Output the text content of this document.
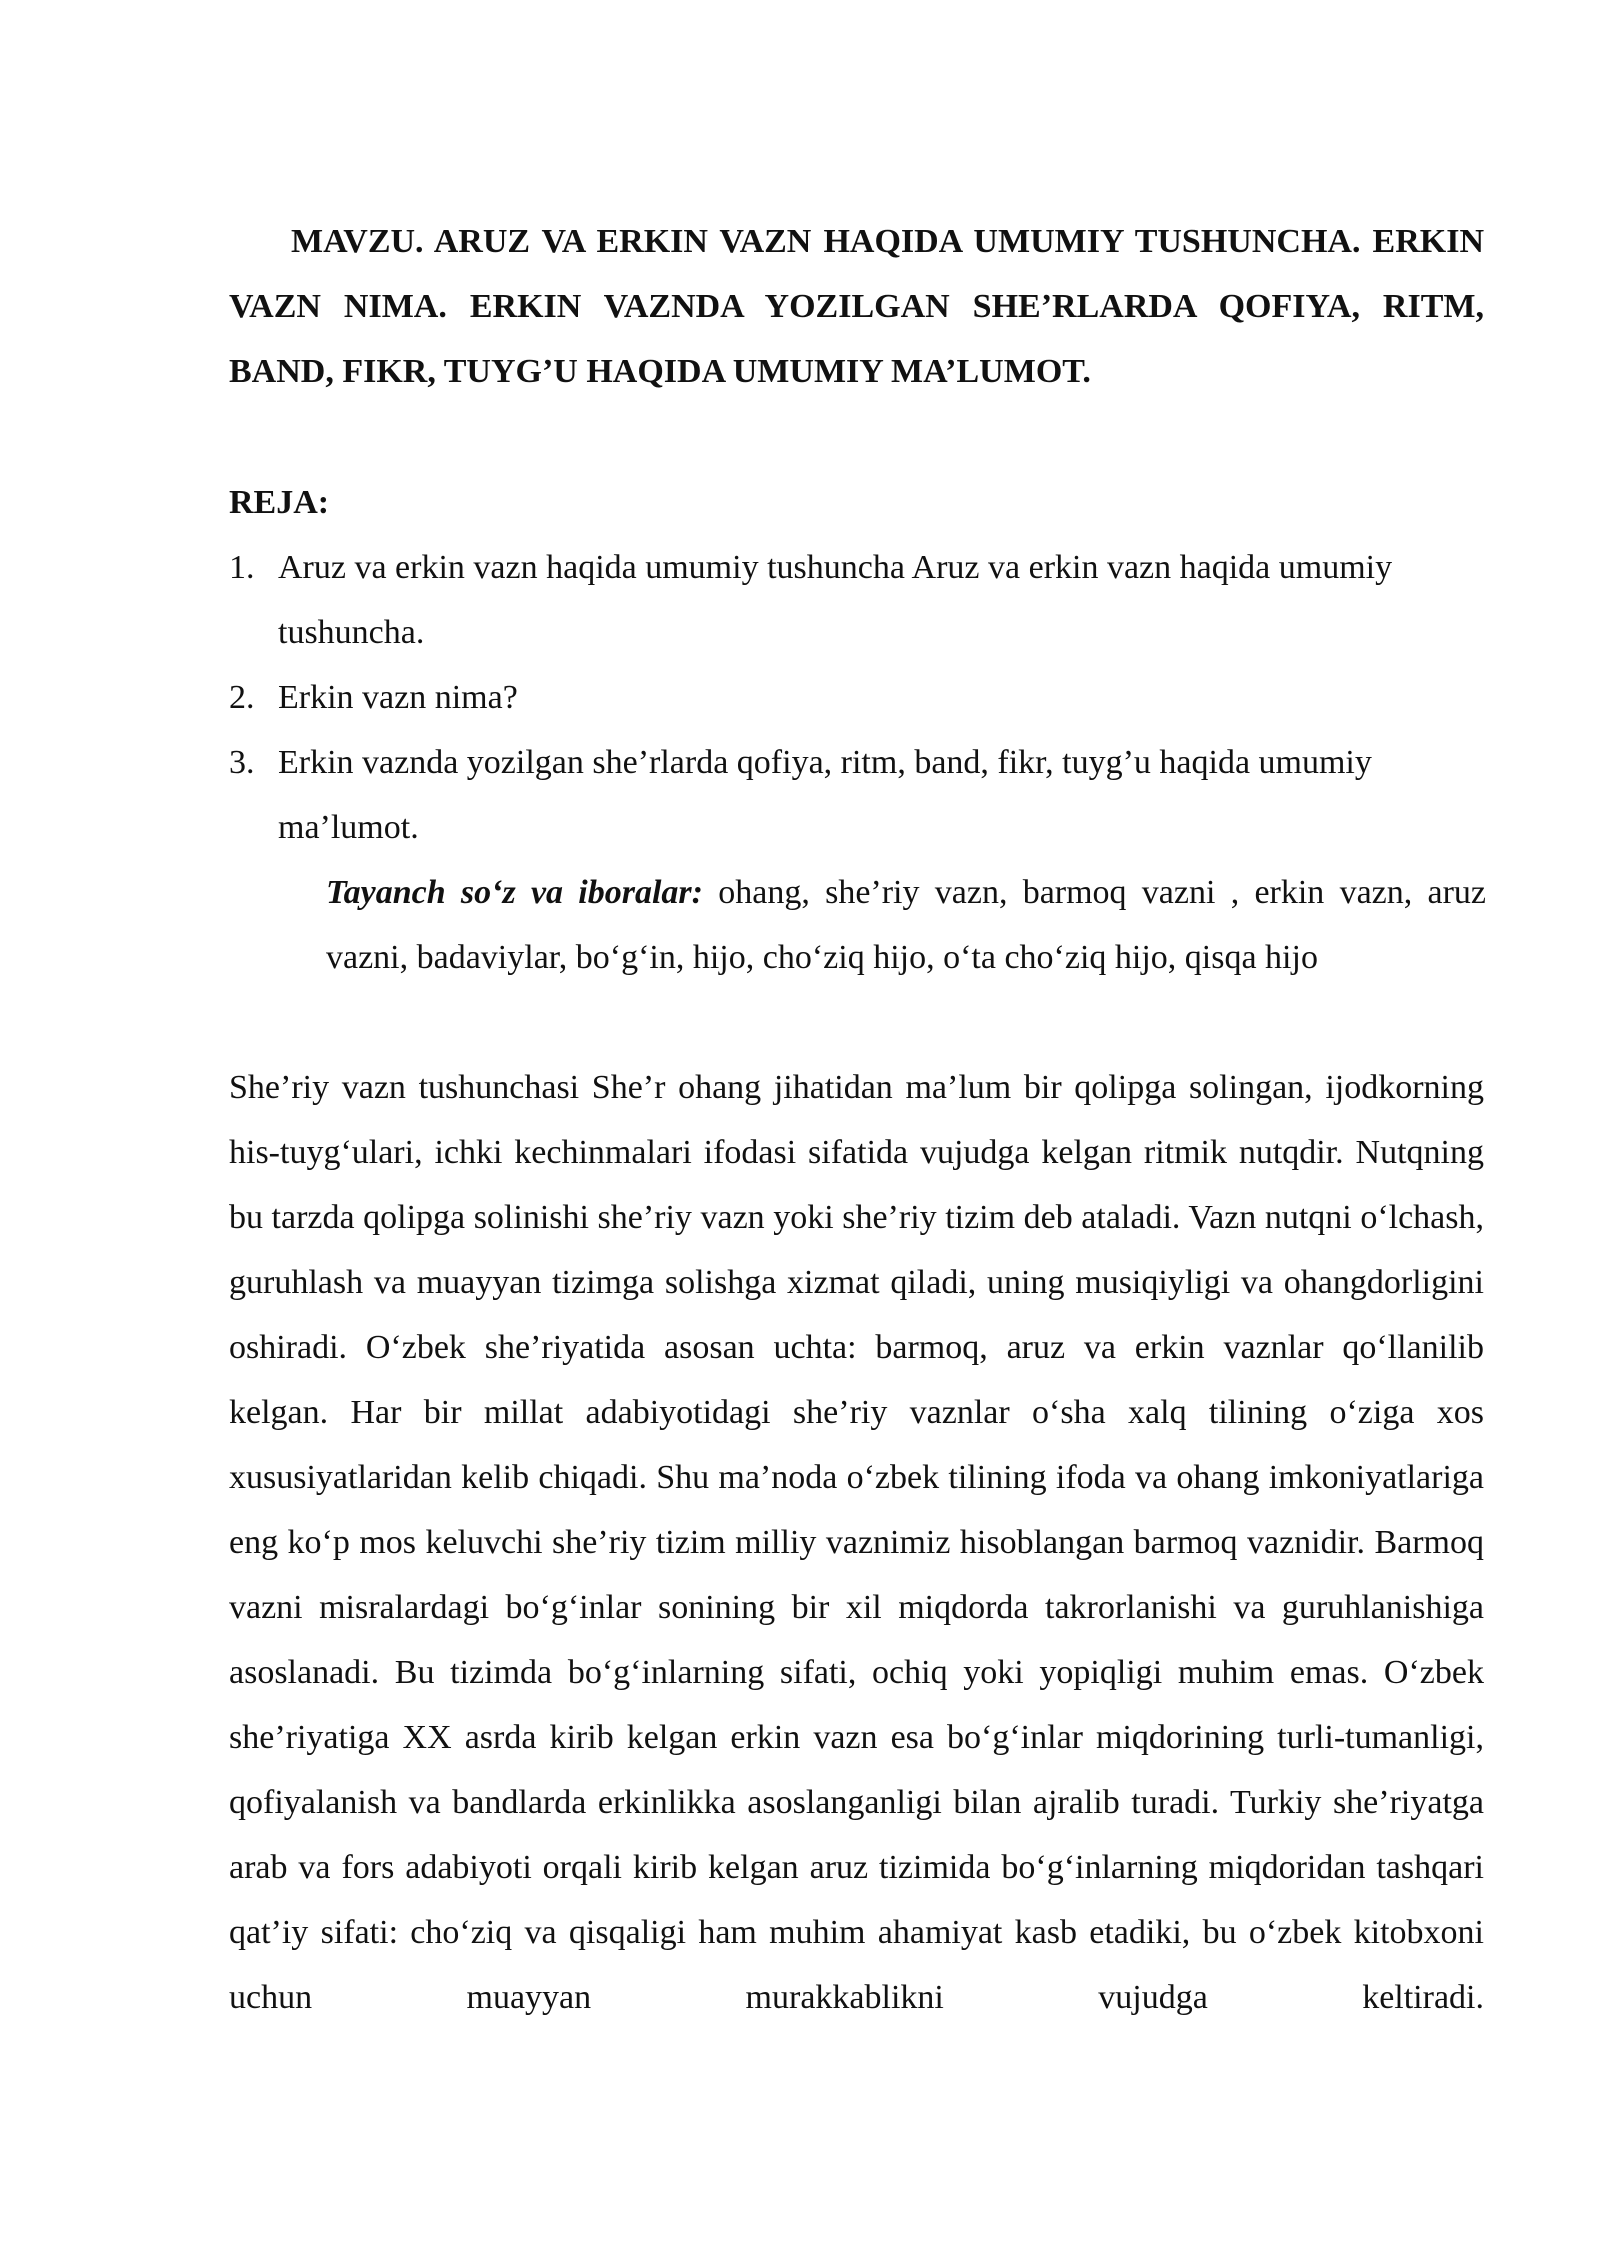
MAVZU. ARUZ VA ERKIN VAZN HAQIDA UMUMIY TUSHUNCHA. ERKIN VAZN NIMA. ERKIN VAZNDA YOZILGAN SHE’RLARDA QOFIYA, RITM, BAND, FIKR, TUYG’U HAQIDA UMUMIY MA’LUMOT.

REJA:

1. Aruz va erkin vazn haqida umumiy tushuncha Aruz va erkin vazn haqida umumiy tushuncha.
2. Erkin vazn nima?
3. Erkin vaznda yozilgan she’rlarda qofiya, ritm, band, fikr, tuyg’u haqida umumiy ma’lumot.

Tayanch so‘z va iboralar: ohang, she’riy vazn, barmoq vazni , erkin vazn, aruz vazni, badaviylar, bo‘g‘in, hijo, cho‘ziq hijo, o‘ta cho‘ziq hijo, qisqa hijo

She’riy vazn tushunchasi She’r ohang jihatidan ma’lum bir qolipga solingan, ijodkorning his-tuyg‘ulari, ichki kechinmalari ifodasi sifatida vujudga kelgan ritmik nutqdir. Nutqning bu tarzda qolipga solinishi she’riy vazn yoki she’riy tizim deb ataladi. Vazn nutqni o‘lchash, guruhlash va muayyan tizimga solishga xizmat qiladi, uning musiqiyligi va ohangdorligini oshiradi. O‘zbek she’riyatida asosan uchta: barmoq, aruz va erkin vaznlar qo‘llanilib kelgan. Har bir millat adabiyotidagi she’riy vaznlar o‘sha xalq tilining o‘ziga xos xususiyatlaridan kelib chiqadi. Shu ma’noda o‘zbek tilining ifoda va ohang imkoniyatlariga eng ko‘p mos keluvchi she’riy tizim milliy vaznimiz hisoblangan barmoq vaznidir. Barmoq vazni misralardagi bo‘g‘inlar sonining bir xil miqdorda takrorlanishi va guruhlanishiga asoslanadi. Bu tizimda bo‘g‘inlarning sifati, ochiq yoki yopiqligi muhim emas. O‘zbek she’riyatiga XX asrda kirib kelgan erkin vazn esa bo‘g‘inlar miqdorining turli-tumanligi, qofiyalanish va bandlarda erkinlikka asoslanganligi bilan ajralib turadi. Turkiy she’riyatga arab va fors adabiyoti orqali kirib kelgan aruz tizimida bo‘g‘inlarning miqdoridan tashqari qat’iy sifati: cho‘ziq va qisqaligi ham muhim ahamiyat kasb etadiki, bu o‘zbek kitobxoni uchun muayyan murakkablikni vujudga keltiradi.
